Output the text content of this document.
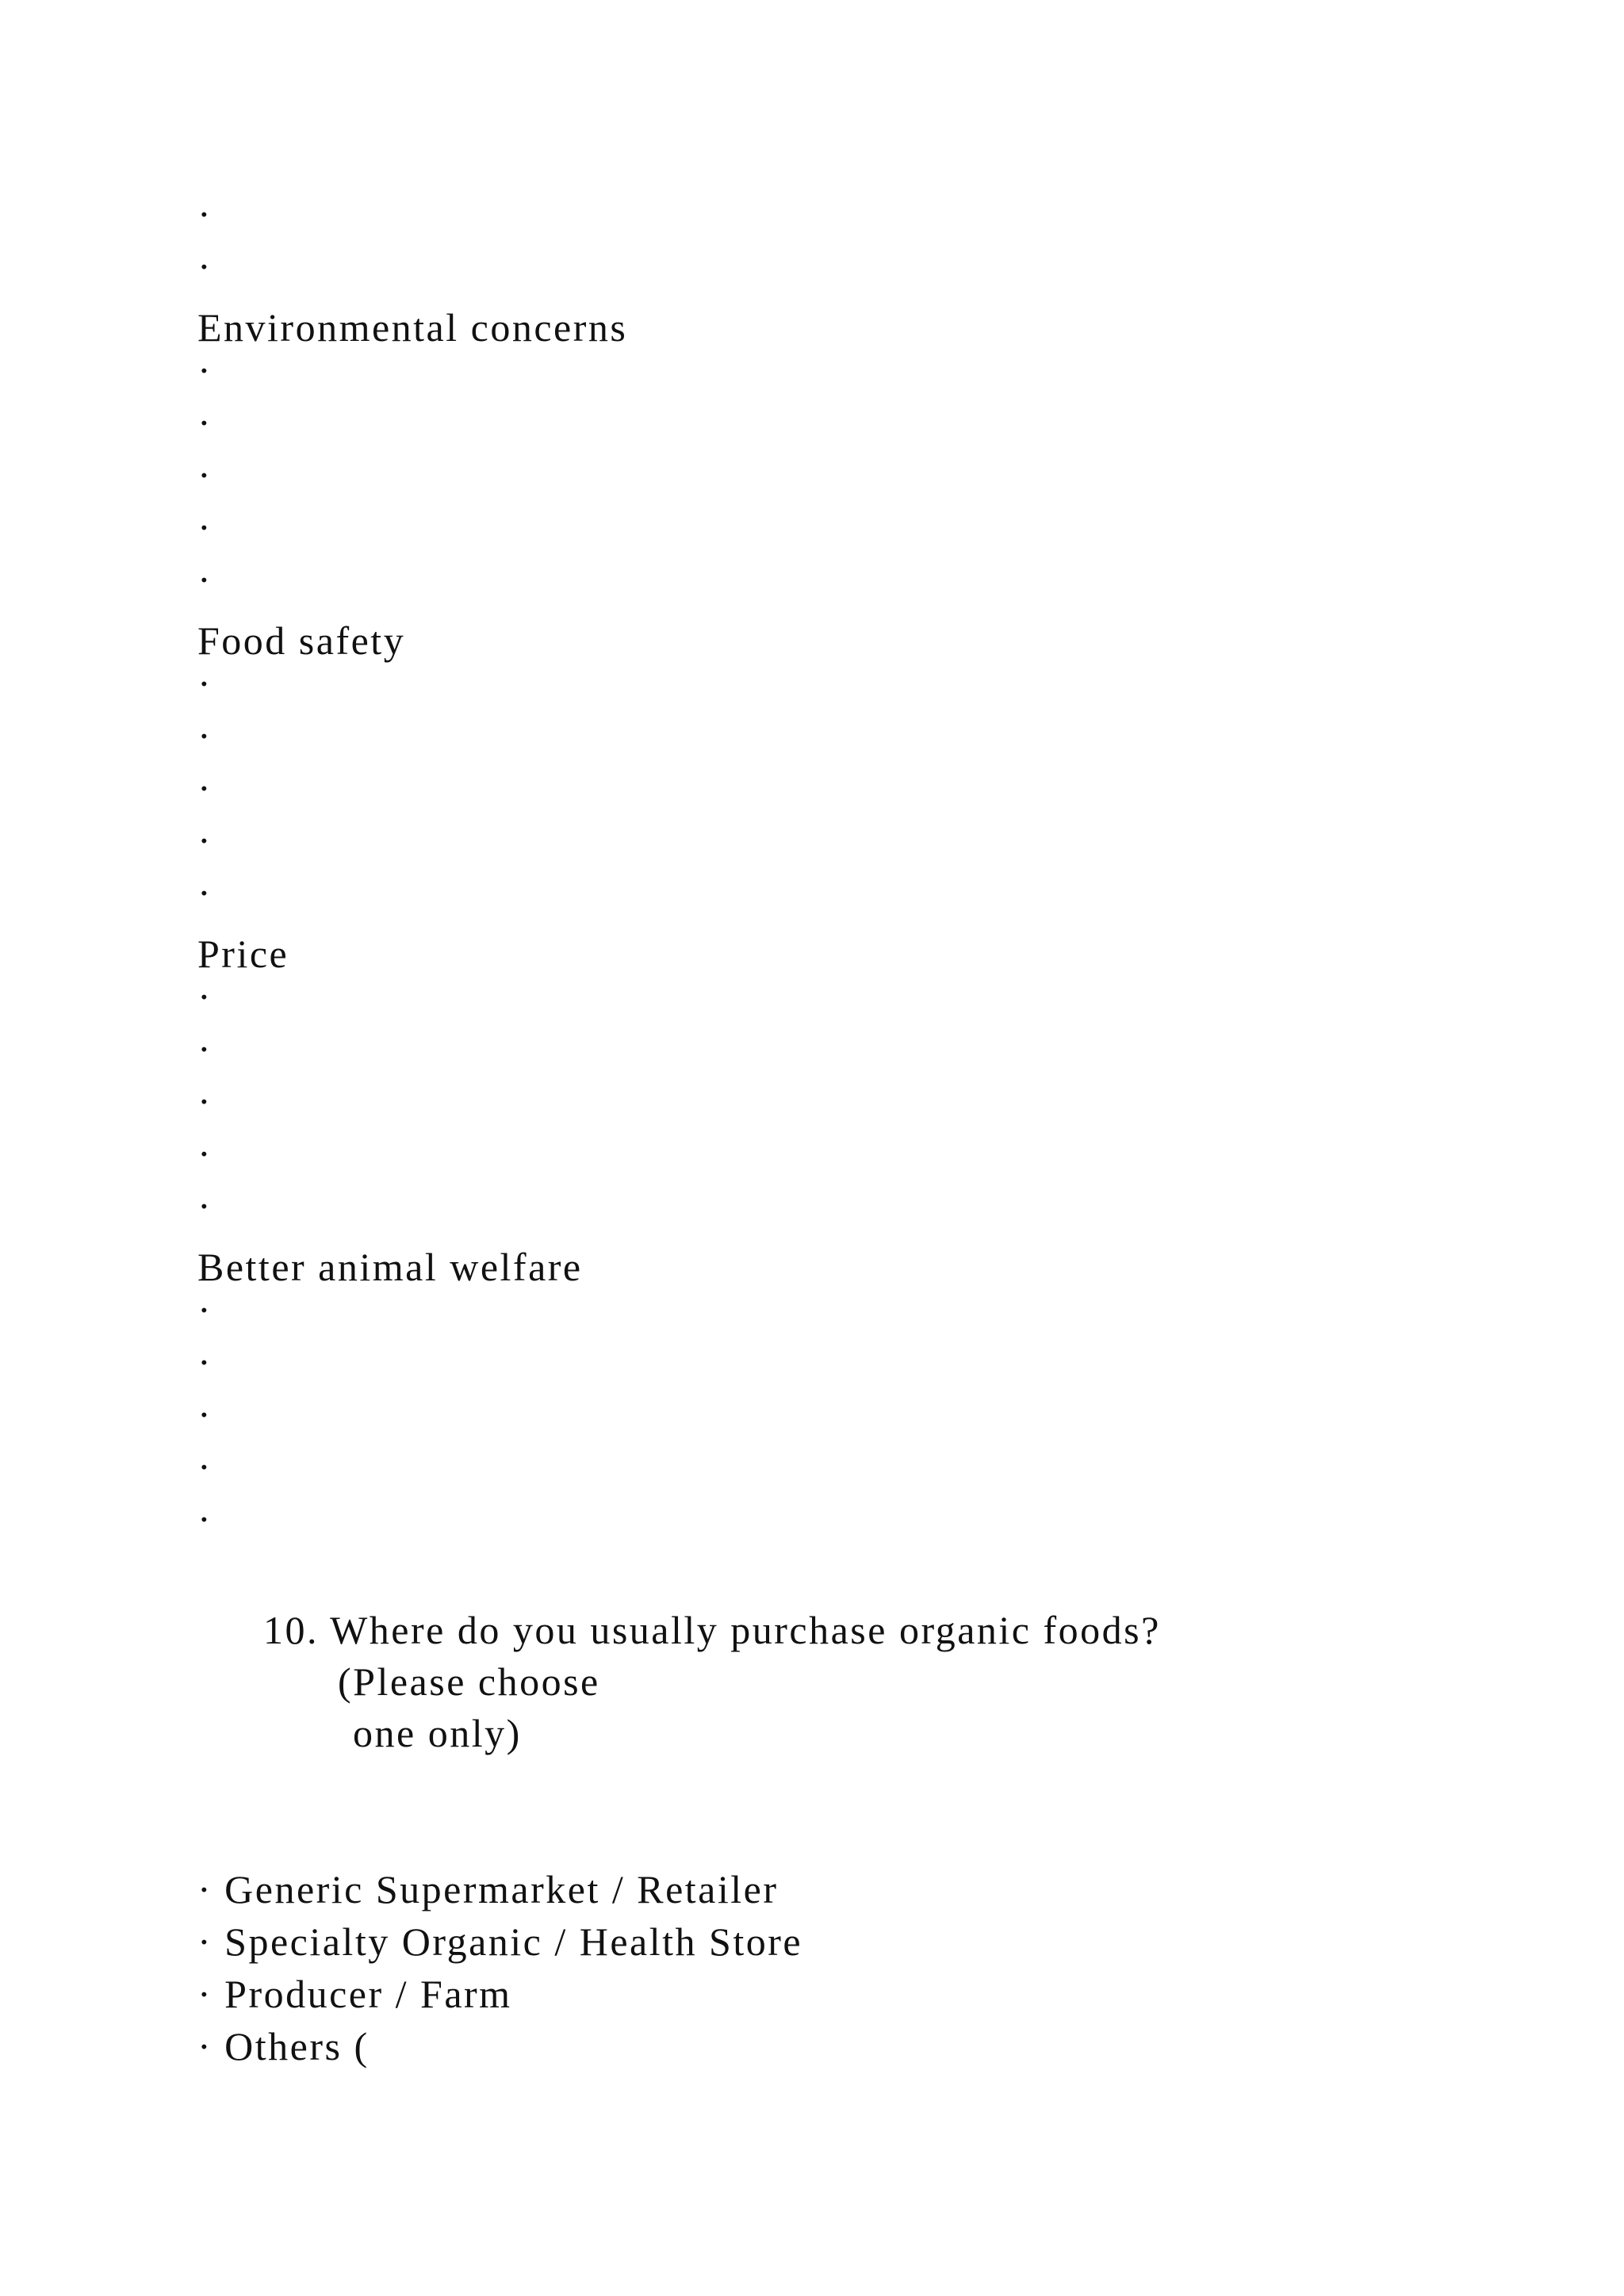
·
·
Environmental concerns
·
·
·
·
·
Food safety
·
·
·
·
·
Price
·
·
·
·
·
Better animal welfare
·
·
·
·
·
10. Where do you usually purchase organic foods?
(Please choose
one only)
· Generic Supermarket / Retailer
· Specialty Organic / Health Store
· Producer / Farm
· Others (
